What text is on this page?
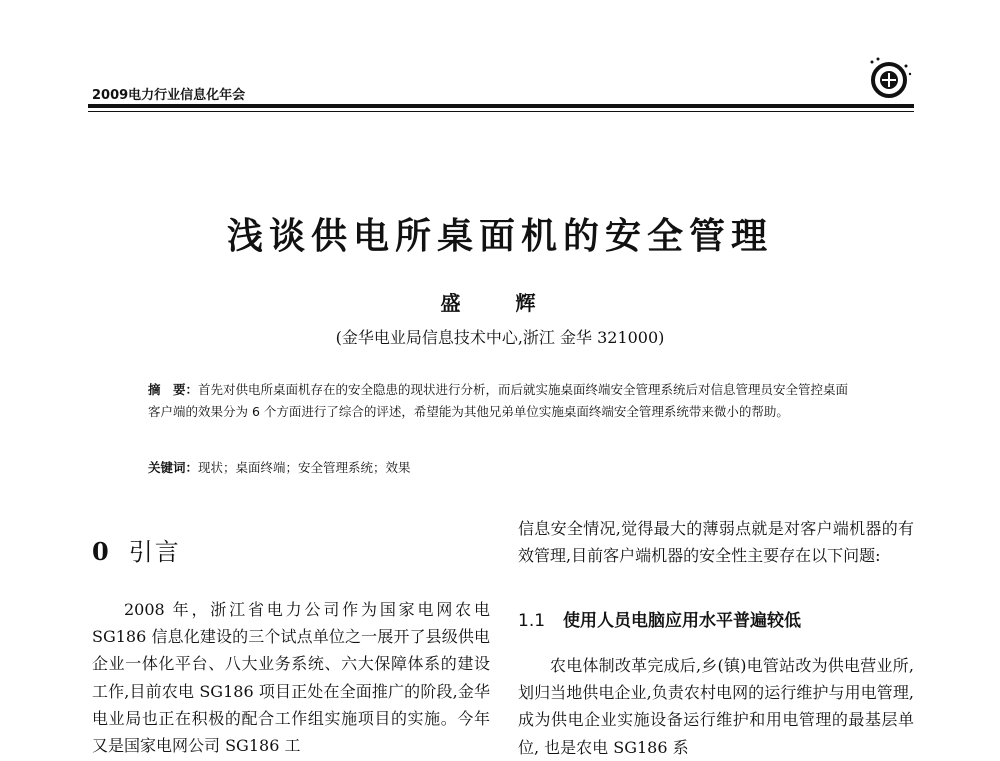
2009电力行业信息化年会
浅谈供电所桌面机的安全管理
盛 辉
(金华电业局信息技术中心,浙江 金华 321000)
摘　要：首先对供电所桌面机存在的安全隐患的现状进行分析，而后就实施桌面终端安全管理系统后对信息管理员安全管控桌面客户端的效果分为 6 个方面进行了综合的评述，希望能为其他兄弟单位实施桌面终端安全管理系统带来微小的帮助。
关键词：现状；桌面终端；安全管理系统；效果
0 引言
2008 年，浙江省电力公司作为国家电网农电 SG186 信息化建设的三个试点单位之一展开了县级供电企业一体化平台、八大业务系统、六大保障体系的建设工作,目前农电 SG186 项目正处在全面推广的阶段,金华电业局也正在积极的配合工作组实施项目的实施。今年又是国家电网公司 SG186 工
信息安全情况,觉得最大的薄弱点就是对客户端机器的有效管理,目前客户端机器的安全性主要存在以下问题:
1.1 使用人员电脑应用水平普遍较低
农电体制改革完成后,乡(镇)电管站改为供电营业所,划归当地供电企业,负责农村电网的运行维护与用电管理, 成为供电企业实施设备运行维护和用电管理的最基层单位, 也是农电 SG186 系
